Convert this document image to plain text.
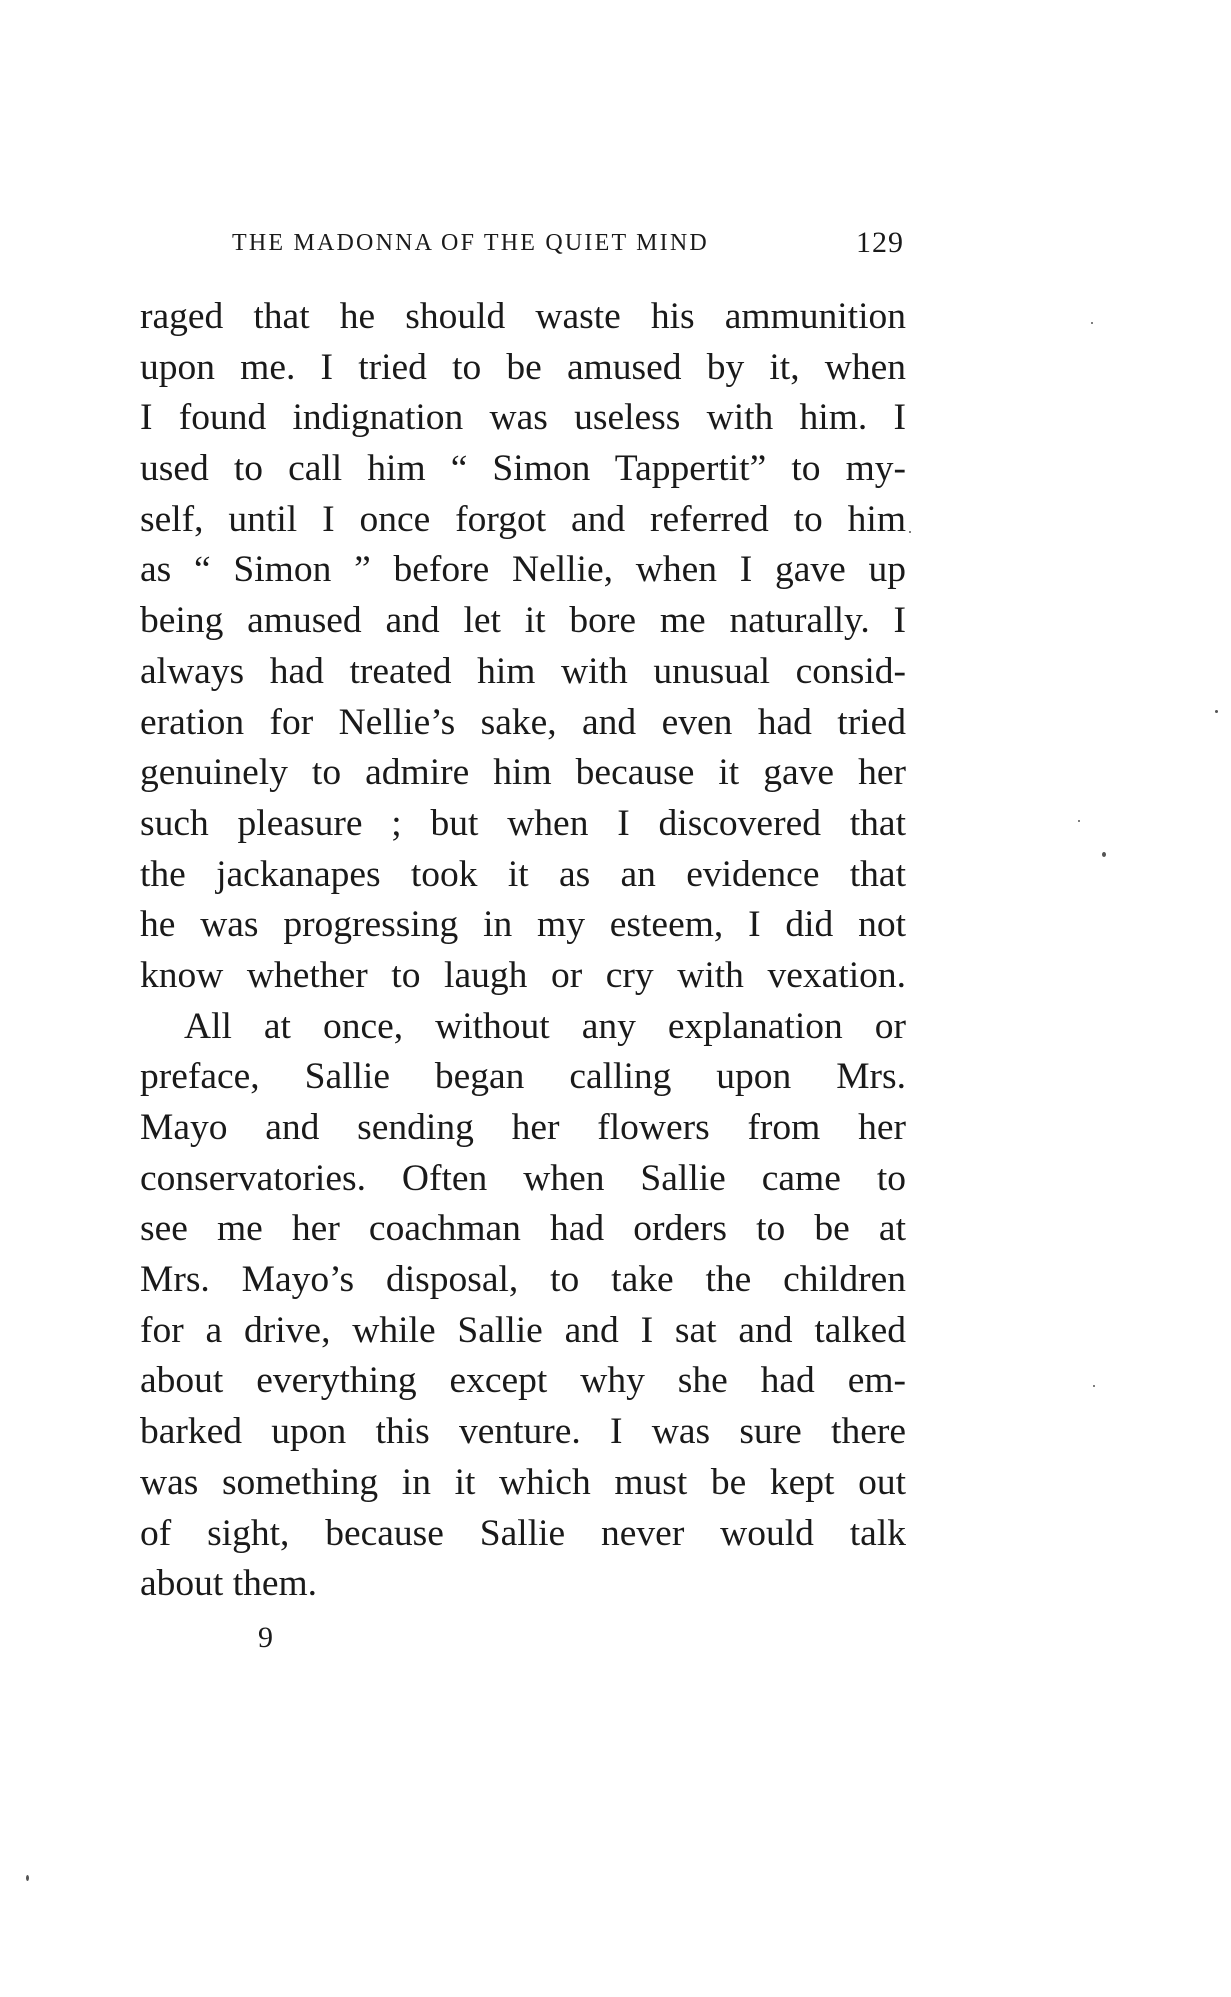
THE MADONNA OF THE QUIET MIND	129
raged that he should waste his ammunition
upon me. I tried to be amused by it, when
I found indignation was useless with him. I
used to call him “ Simon Tappertit” to my-
self, until I once forgot and referred to him
as “ Simon ” before Nellie, when I gave up
being amused and let it bore me naturally. I
always had treated him with unusual consid-
eration for Nellie’s sake, and even had tried
genuinely to admire him because it gave her
such pleasure ; but when I discovered that
the jackanapes took it as an evidence that
he was progressing in my esteem, I did not
know whether to laugh or cry with vexation.
All at once, without any explanation or
preface, Sallie began calling upon Mrs.
Mayo and sending her flowers from her
conservatories. Often when Sallie came to
see me her coachman had orders to be at
Mrs. Mayo’s disposal, to take the children
for a drive, while Sallie and I sat and talked
about everything except why she had em-
barked upon this venture. I was sure there
was something in it which must be kept out
of sight, because Sallie never would talk
about them.
9
